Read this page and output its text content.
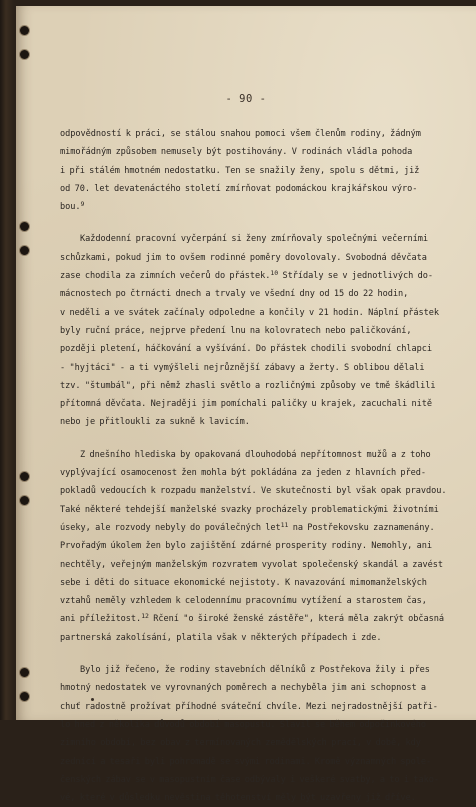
- 90 -
odpovědností k práci, se stálou snahou pomoci všem členům rodiny, žádným
mimořádným způsobem nemusely být postihovány. V rodinách vládla pohoda
i při stálém hmotném nedostatku. Ten se snažily ženy, spolu s dětmi, již
od 70. let devatenáctého století zmírňovat podomáckou krajkářskou výro-
bou.$^9$
Každodenní pracovní vyčerpání si ženy zmírňovaly společnými večerními
schůzkami, pokud jim to ovšem rodinné poměry dovolovaly. Svobodná děvčata
zase chodila za zimních večerů do přástek.$^{10}$ Střídaly se v jednotlivých do-
mácnostech po čtrnácti dnech a trvaly ve všední dny od 15 do 22 hodin,
v neděli a ve svátek začínaly odpoledne a končily v 21 hodin. Náplní přástek
byly ruční práce, nejprve předení lnu na kolovratech nebo paličkování,
později pletení, háčkování a vyšívání. Do přástek chodili svobodní chlapci
- "hyjtáci" - a ti vymýšleli nejrůznější zábavy a žerty. S oblibou dělali
tzv. "štumbál", při němž zhasli světlo a rozličnými způsoby ve tmě škádlili
přítomná děvčata. Nejraději jim pomíchali paličky u krajek, zacuchali nitě
nebo je přitloukli za sukně k lavicím.
Z dnešního hlediska by opakovaná dlouhodobá nepřítomnost mužů a z toho
vyplývající osamocenost žen mohla být pokládána za jeden z hlavních před-
pokladů vedoucích k rozpadu manželství. Ve skutečnosti byl však opak pravdou.
Také některé tehdejší manželské svazky procházely problematickými životními
úseky, ale rozvody nebyly do poválečných let$^{11}$ na Postřekovsku zaznamenány.
Prvořadým úkolem žen bylo zajištění zdárné prosperity rodiny. Nemohly, ani
nechtěly, veřejným manželským rozvratem vyvolat společenský skandál a zavést
sebe i děti do situace ekonomické nejistoty. K navazování mimomanželských
vztahů neměly vzhledem k celodennímu pracovnímu vytížení a starostem čas,
ani příležitost.$^{12}$ Rčení "o široké ženské zástěře", která měla zakrýt občasná
partnerská zakolísání, platila však v některých případech i zde.
Bylo již řečeno, že rodiny stavebních dělníků z Postřekova žily i přes
hmotný nedostatek ve vyrovnaných poměrech a nechyběla jim ani schopnost a
chuť radostně prožívat příhodné sváteční chvíle. Mezi nejradostnější patři-
lo hned z několika důvodů období masopustu. Slavil se během odpočinkového
zimního období, bez obav z termínovaných zemědělských prací, v době, kdy
zednící a tesaři byli pohromadě se svými rodinami. Kromě významných spole-
čenských zábav se v masopustním čase odbývaly i veškeré svatby, a to i tako-
vé, které v důsledku nevěstina těhotenství měly být uzavřeny již dříve.
